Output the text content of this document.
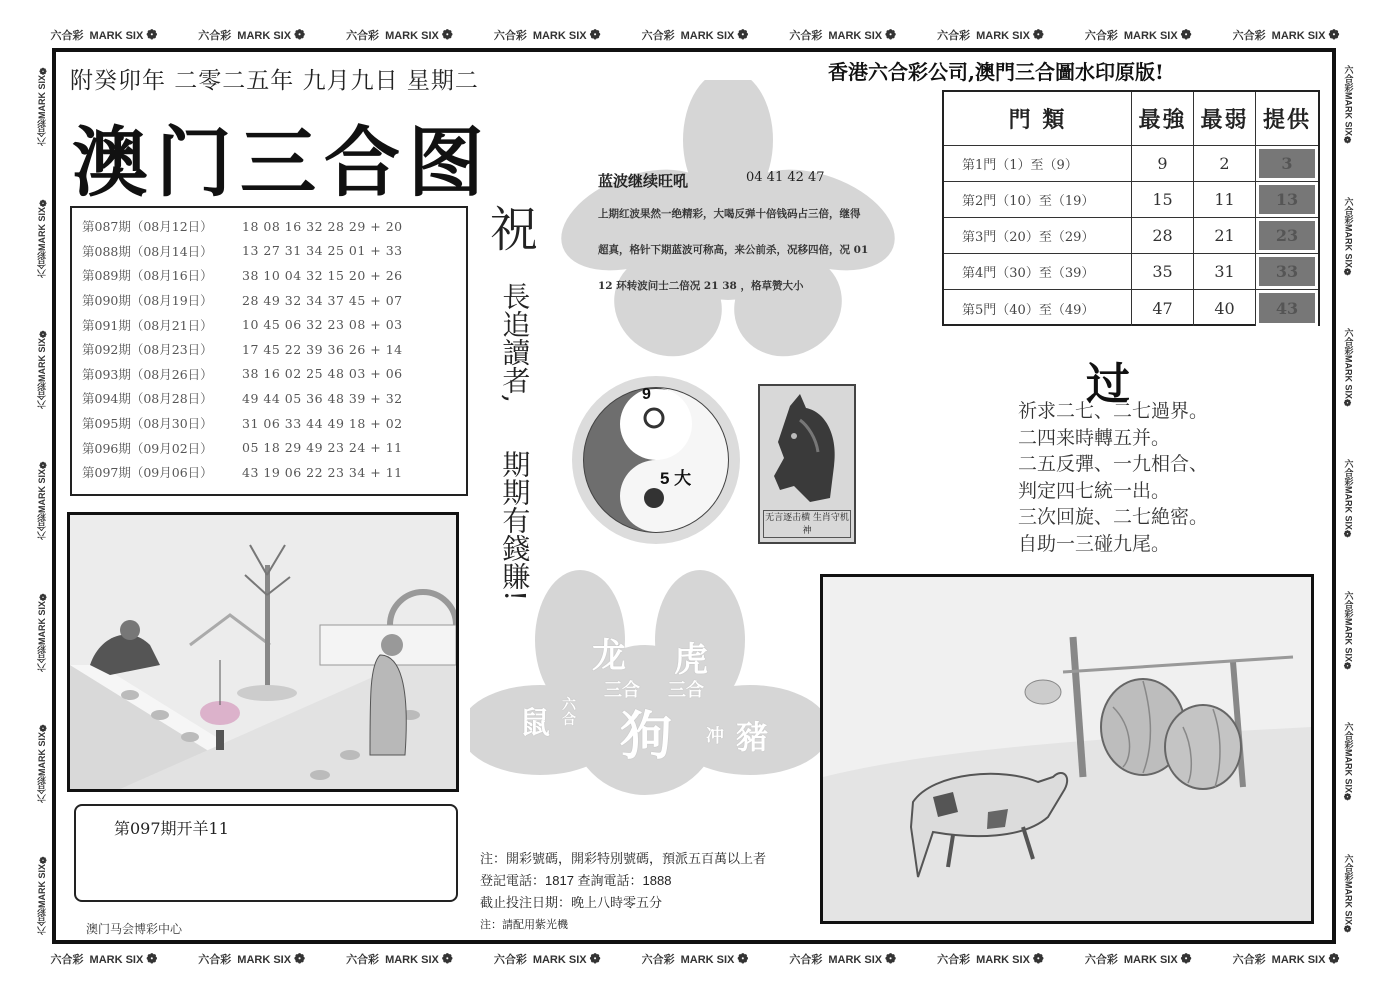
六合彩 MARK SIX ❁	六合彩 MARK SIX ❁	六合彩 MARK SIX ❁	六合彩 MARK SIX ❁	六合彩 MARK SIX ❁	六合彩 MARK SIX ❁	六合彩 MARK SIX ❁	六合彩 MARK SIX ❁	六合彩 MARK SIX ❁
六合彩 MARK SIX ❁	六合彩 MARK SIX ❁	六合彩 MARK SIX ❁	六合彩 MARK SIX ❁	六合彩 MARK SIX ❁	六合彩 MARK SIX ❁	六合彩 MARK SIX ❁	六合彩 MARK SIX ❁	六合彩 MARK SIX ❁
六合彩MARK SIX❁
六合彩MARK SIX❁
六合彩MARK SIX❁
六合彩MARK SIX❁
六合彩MARK SIX❁
六合彩MARK SIX❁
六合彩MARK SIX❁
六合彩MARK SIX❁
六合彩MARK SIX❁
六合彩MARK SIX❁
六合彩MARK SIX❁
六合彩MARK SIX❁
六合彩MARK SIX❁
六合彩MARK SIX❁
附癸卯年 二零二五年 九月九日 星期二
澳门三合图
香港六合彩公司,澳門三合圖水印原版!
第087期（08月12日）	18 08 16 32 28 29 + 20
第088期（08月14日）	13 27 31 34 25 01 + 33
第089期（08月16日）	38 10 04 32 15 20 + 26
第090期（08月19日）	28 49 32 34 37 45 + 07
第091期（08月21日）	10 45 06 32 23 08 + 03
第092期（08月23日）	17 45 22 39 36 26 + 14
第093期（08月26日）	38 16 02 25 48 03 + 06
第094期（08月28日）	49 44 05 36 48 39 + 32
第095期（08月30日）	31 06 33 44 49 18 + 02
第096期（09月02日）	05 18 29 49 23 24 + 11
第097期（09月06日）	43 19 06 22 23 34 + 11
祝
長追讀者,
期期有錢賺!
蓝波继续旺吼	04 41 42 47
上期红波果然一绝精彩，大喝反弹十倍钱码占三倍，继得超真，格针下期蓝波可称高，来公前杀，况移四倍，况 01 12 环转波问士二倍况 21 38 ，格草赞大小
9
5 大
无言逐击横 生肖守机神
門 類	最強 最弱 提供
第1門（1）至（9）	9	2	3
第2門（10）至（19）	15	11	13
第3門（20）至（29）	28	21	23
第4門（30）至（39）	35	31	33
第5門（40）至（49）	47	40	43
过
祈求二七、二七過界。
二四来時轉五并。
二五反彈、一九相合、
判定四七統一出。
三次回旋、二七絶密。
自助一三碰九尾。
龙 虎
三合 三合
鼠
六合 狗 冲 豬
第097期开羊11
澳门马会博彩中心
注：開彩號碼，開彩特別號碼，預派五百萬以上者
登記電話：1817 查詢電話：1888
截止投注日期：晚上八時零五分
注：請配用紫光機
